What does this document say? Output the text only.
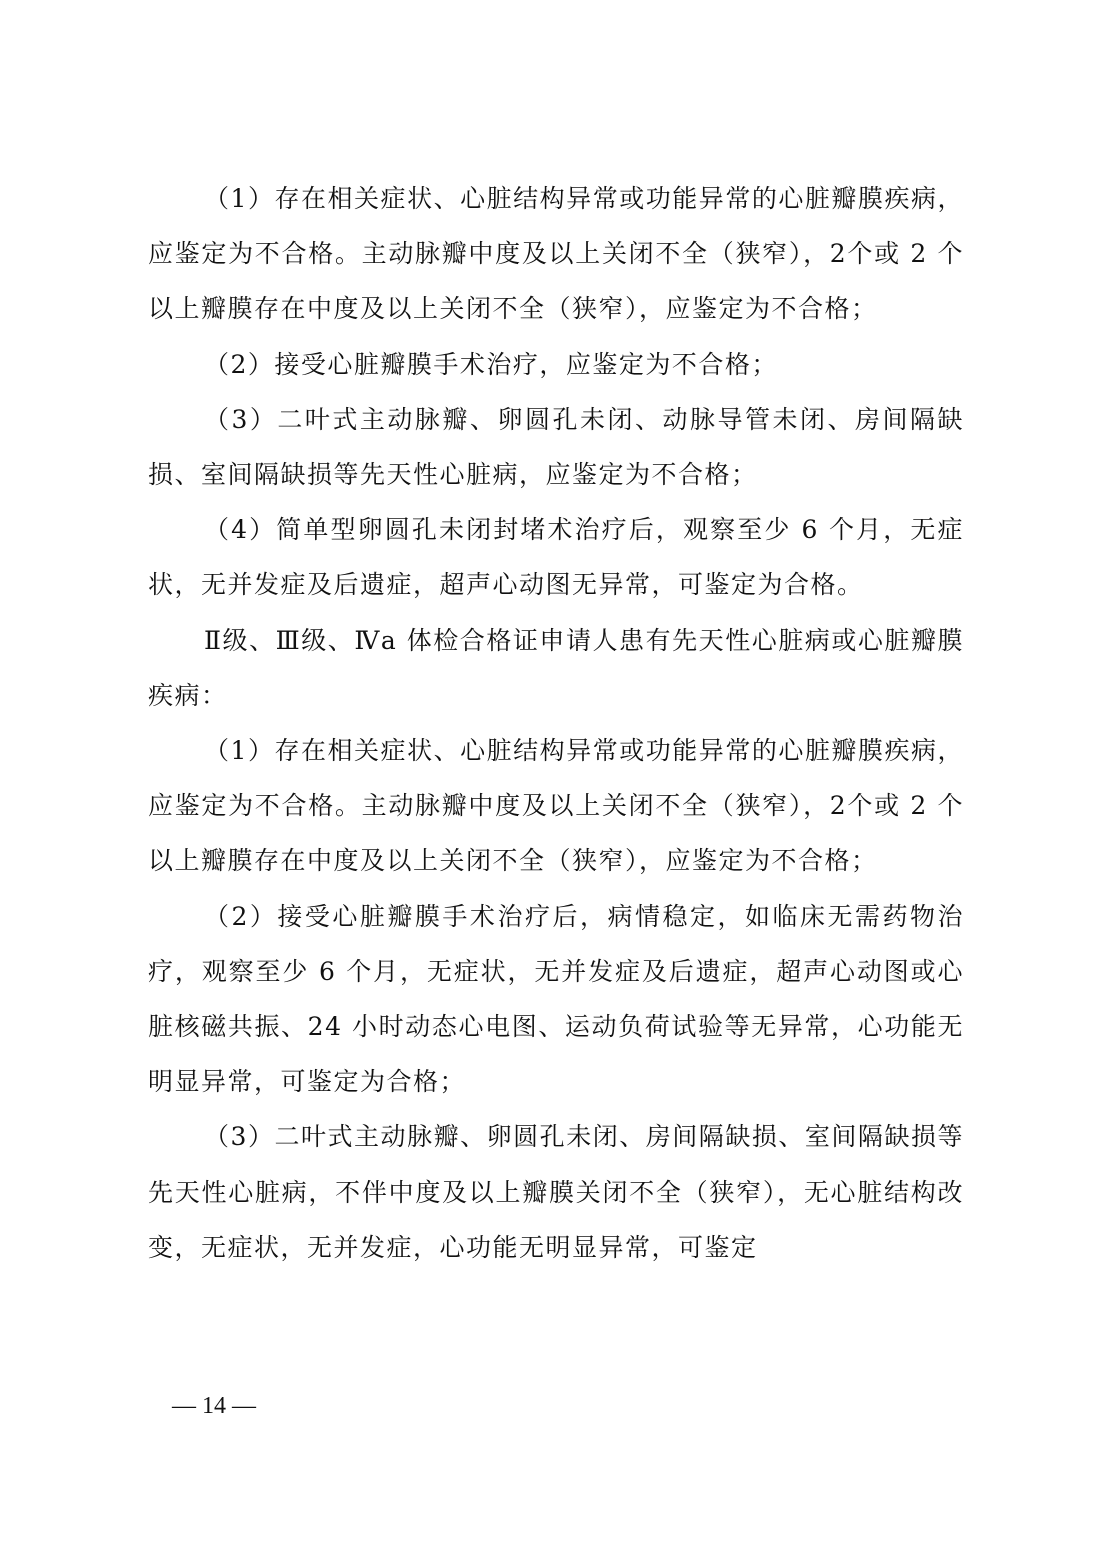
（1）存在相关症状、心脏结构异常或功能异常的心脏瓣膜疾病，应鉴定为不合格。主动脉瓣中度及以上关闭不全（狭窄），2个或 2 个以上瓣膜存在中度及以上关闭不全（狭窄），应鉴定为不合格；

（2）接受心脏瓣膜手术治疗，应鉴定为不合格；

（3）二叶式主动脉瓣、卵圆孔未闭、动脉导管未闭、房间隔缺损、室间隔缺损等先天性心脏病，应鉴定为不合格；

（4）简单型卵圆孔未闭封堵术治疗后，观察至少 6 个月，无症状，无并发症及后遗症，超声心动图无异常，可鉴定为合格。

Ⅱ级、Ⅲ级、Ⅳa 体检合格证申请人患有先天性心脏病或心脏瓣膜疾病：

（1）存在相关症状、心脏结构异常或功能异常的心脏瓣膜疾病，应鉴定为不合格。主动脉瓣中度及以上关闭不全（狭窄），2个或 2 个以上瓣膜存在中度及以上关闭不全（狭窄），应鉴定为不合格；

（2）接受心脏瓣膜手术治疗后，病情稳定，如临床无需药物治疗，观察至少 6 个月，无症状，无并发症及后遗症，超声心动图或心脏核磁共振、24 小时动态心电图、运动负荷试验等无异常，心功能无明显异常，可鉴定为合格；

（3）二叶式主动脉瓣、卵圆孔未闭、房间隔缺损、室间隔缺损等先天性心脏病，不伴中度及以上瓣膜关闭不全（狭窄），无心脏结构改变，无症状，无并发症，心功能无明显异常，可鉴定

— 14 —
